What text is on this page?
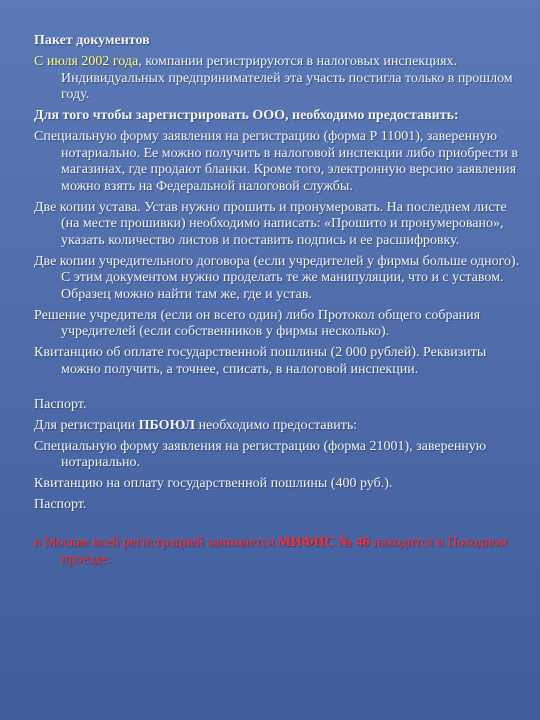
Пакет документов

С июля 2002 года, компании регистрируются в налоговых инспекциях. Индивидуальных предпринимателей эта участь постигла только в прошлом году.

Для того чтобы зарегистрировать ООО, необходимо предоставить:

Специальную форму заявления на регистрацию (форма Р 11001), заверенную нотариально. Ее можно получить в налоговой инспекции либо приобрести в магазинах, где продают бланки. Кроме того, электронную версию заявления можно взять на Федеральной налоговой службы.

Две копии устава. Устав нужно прошить и пронумеровать. На последнем листе (на месте прошивки) необходимо написать: «Прошито и пронумеровано», указать количество листов и поставить подпись и ее расшифровку.

Две копии учредительного договора (если учредителей у фирмы больше одного). С этим документом нужно проделать те же манипуляции, что и с уставом. Образец можно найти там же, где и устав.

Решение учредителя (если он всего один) либо Протокол общего собрания учредителей (если собственников у фирмы несколько).

Квитанцию об оплате государственной пошлины (2 000 рублей). Реквизиты можно получить, а точнее, списать, в налоговой инспекции.

Паспорт.

Для регистрации ПБОЮЛ необходимо предоставить:

Специальную форму заявления на регистрацию (форма 21001), заверенную нотариально.

Квитанцию на оплату государственной пошлины (400 руб.).

Паспорт.

в Москве всей регистрацией занимается МИФНС № 46 находится в Походном проезде.
